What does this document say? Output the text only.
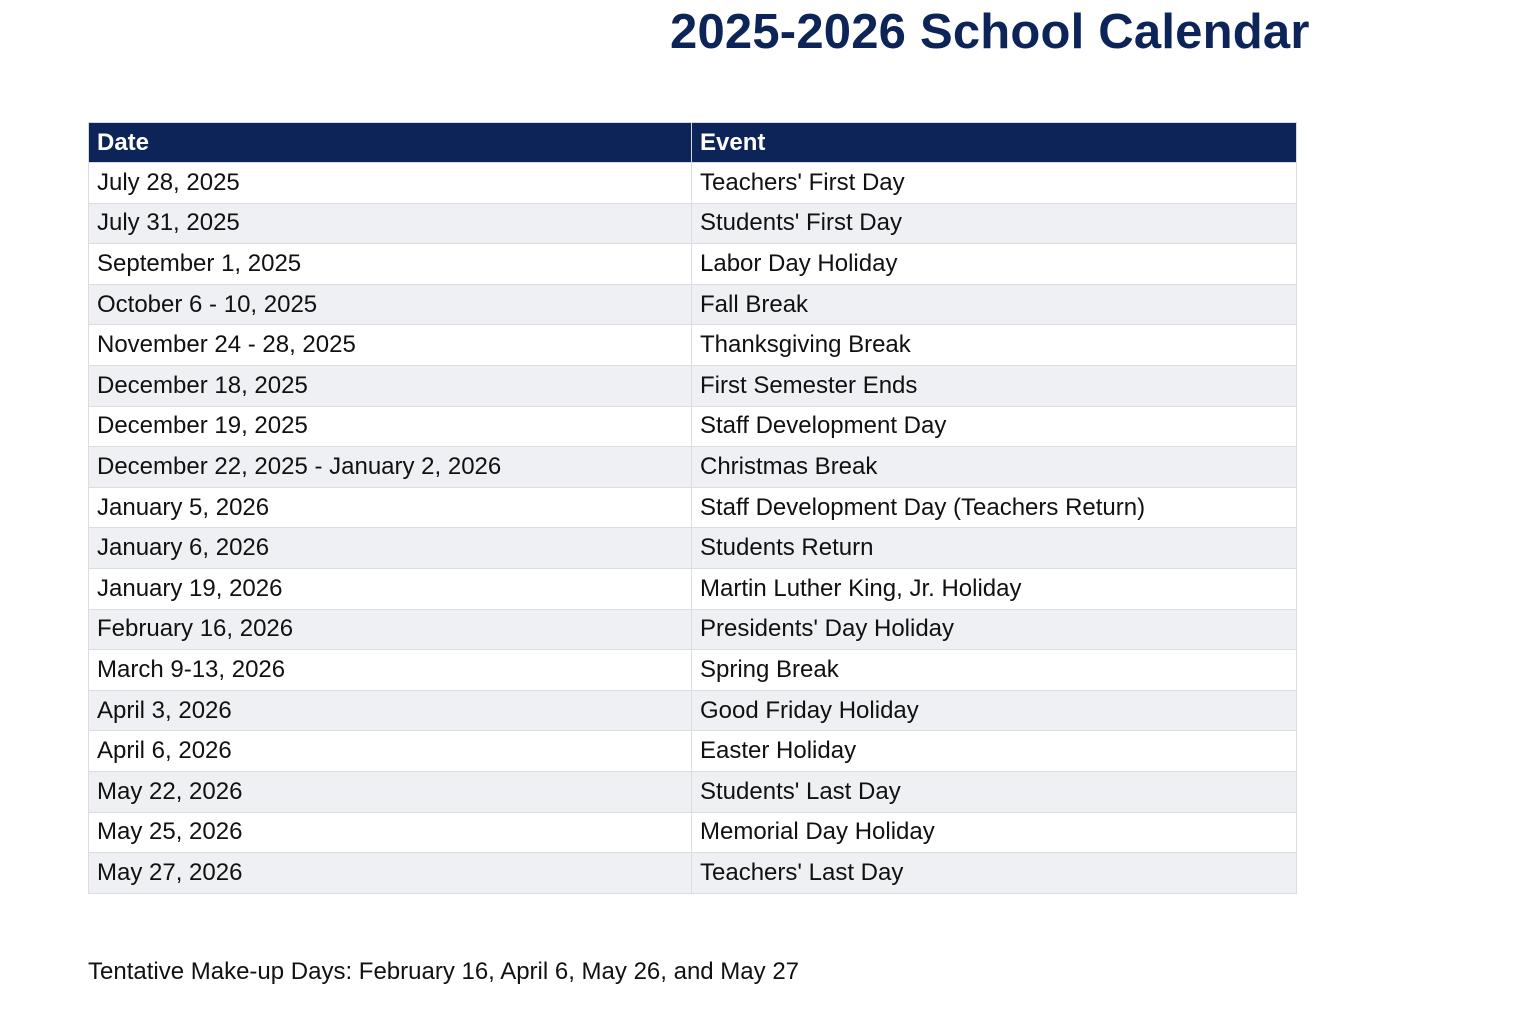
2025-2026 School Calendar
Date	Event
July 28, 2025	Teachers' First Day
July 31, 2025	Students' First Day
September 1, 2025	Labor Day Holiday
October 6 - 10, 2025	Fall Break
November 24 - 28, 2025	Thanksgiving Break
December 18, 2025	First Semester Ends
December 19, 2025	Staff Development Day
December 22, 2025 - January 2, 2026	Christmas Break
January 5, 2026	Staff Development Day (Teachers Return)
January 6, 2026	Students Return
January 19, 2026	Martin Luther King, Jr. Holiday
February 16, 2026	Presidents' Day Holiday
March 9-13, 2026	Spring Break
April 3, 2026	Good Friday Holiday
April 6, 2026	Easter Holiday
May 22, 2026	Students' Last Day
May 25, 2026	Memorial Day Holiday
May 27, 2026	Teachers' Last Day

Tentative Make-up Days: February 16, April 6, May 26, and May 27
